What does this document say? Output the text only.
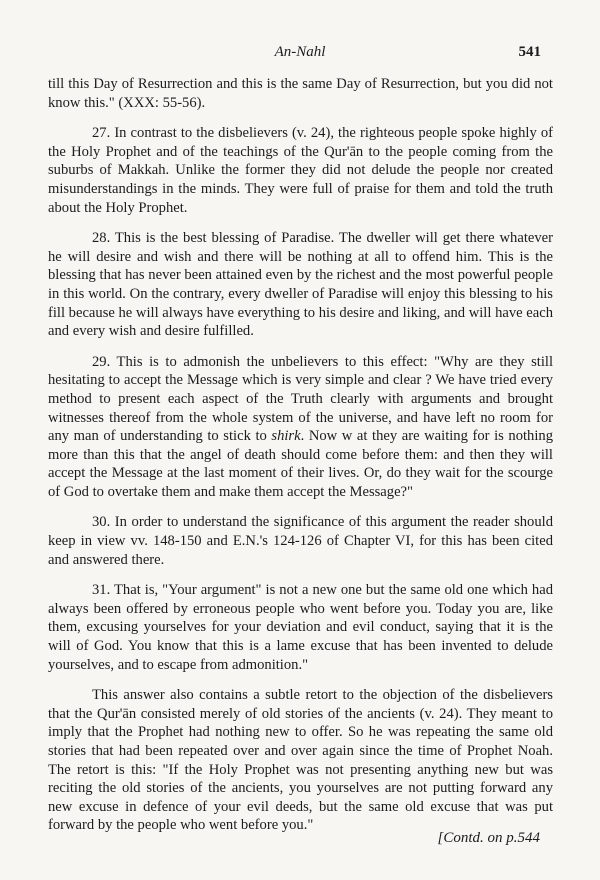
An-Nahl	541

till this Day of Resurrection and this is the same Day of Resurrection, but you did not know this." (XXX: 55-56).

27. In contrast to the disbelievers (v. 24), the righteous people spoke highly of the Holy Prophet and of the teachings of the Qur'ān to the people coming from the suburbs of Makkah. Unlike the former they did not delude the people nor created misunderstandings in the minds. They were full of praise for them and told the truth about the Holy Prophet.

28. This is the best blessing of Paradise. The dweller will get there whatever he will desire and wish and there will be nothing at all to offend him. This is the blessing that has never been attained even by the richest and the most powerful people in this world. On the contrary, every dweller of Paradise will enjoy this blessing to his fill because he will always have everything to his desire and liking, and will have each and every wish and desire fulfilled.

29. This is to admonish the unbelievers to this effect: "Why are they still hesitating to accept the Message which is very simple and clear ? We have tried every method to present each aspect of the Truth clearly with arguments and brought witnesses thereof from the whole system of the universe, and have left no room for any man of understanding to stick to shirk. Now w at they are waiting for is nothing more than this that the angel of death should come before them: and then they will accept the Message at the last moment of their lives. Or, do they wait for the scourge of God to overtake them and make them accept the Message?"

30. In order to understand the significance of this argument the reader should keep in view vv. 148-150 and E.N.'s 124-126 of Chapter VI, for this has been cited and answered there.

31. That is, "Your argument" is not a new one but the same old one which had always been offered by erroneous people who went before you. Today you are, like them, excusing yourselves for your deviation and evil conduct, saying that it is the will of God. You know that this is a lame excuse that has been invented to delude yourselves, and to escape from admonition."

This answer also contains a subtle retort to the objection of the disbelievers that the Qur'ān consisted merely of old stories of the ancients (v. 24). They meant to imply that the Prophet had nothing new to offer. So he was repeating the same old stories that had been repeated over and over again since the time of Prophet Noah. The retort is this: "If the Holy Prophet was not presenting anything new but was reciting the old stories of the ancients, you yourselves are not putting forward any new excuse in defence of your evil deeds, but the same old excuse that was put forward by the people who went before you."

[Contd. on p.544
